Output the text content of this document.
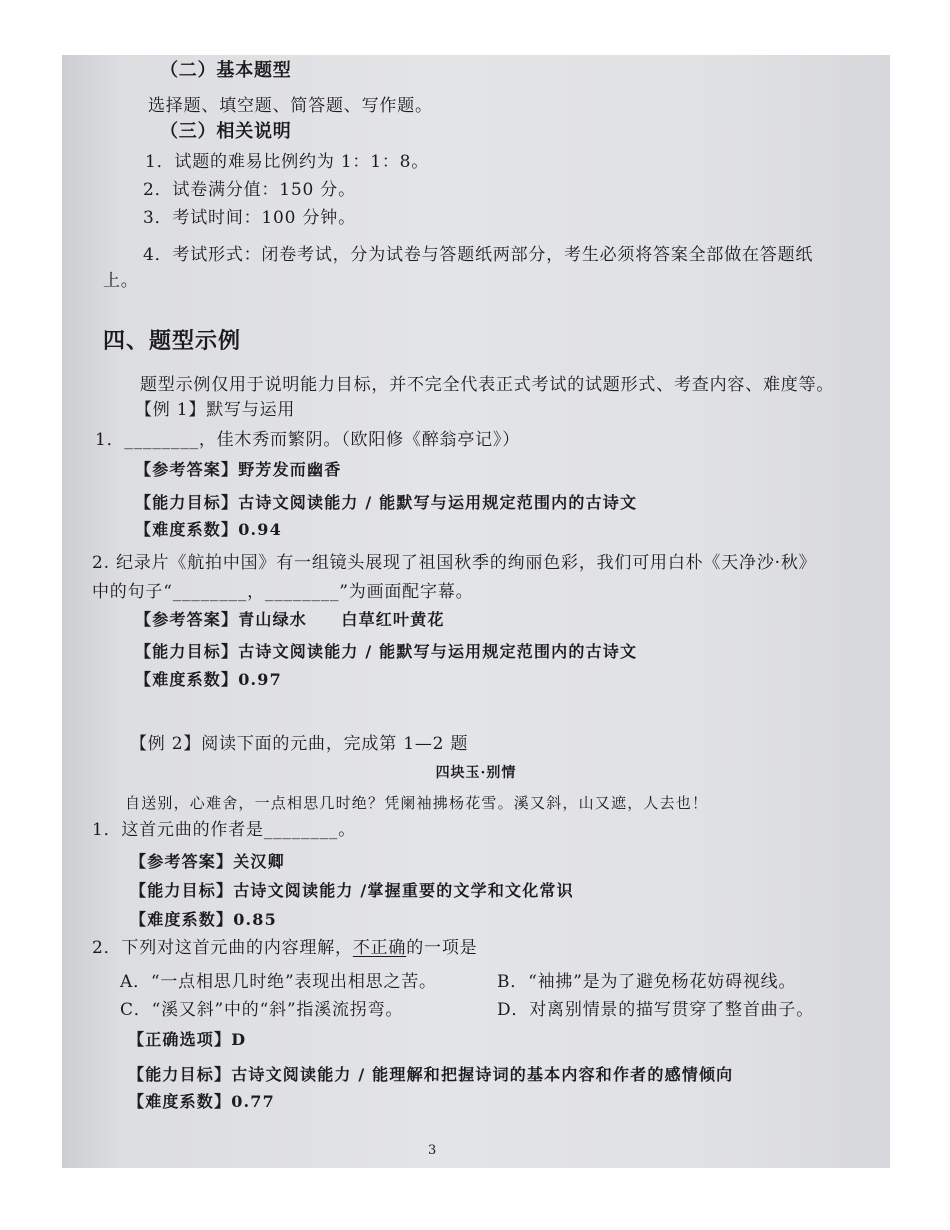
（二）基本题型
选择题、填空题、简答题、写作题。
（三）相关说明
1．试题的难易比例约为 1：1：8。
2．试卷满分值：150 分。
3．考试时间：100 分钟。
4．考试形式：闭卷考试，分为试卷与答题纸两部分，考生必须将答案全部做在答题纸
上。
四、题型示例
题型示例仅用于说明能力目标，并不完全代表正式考试的试题形式、考查内容、难度等。
【例 1】默写与运用
1．________，佳木秀而繁阴。（欧阳修《醉翁亭记》）
【参考答案】野芳发而幽香
【能力目标】古诗文阅读能力 / 能默写与运用规定范围内的古诗文
【难度系数】0.94
2. 纪录片《航拍中国》有一组镜头展现了祖国秋季的绚丽色彩，我们可用白朴《天净沙·秋》
中的句子“________，________”为画面配字幕。
【参考答案】青山绿水　　白草红叶黄花
【能力目标】古诗文阅读能力 / 能默写与运用规定范围内的古诗文
【难度系数】0.97
【例 2】阅读下面的元曲，完成第 1—2 题
四块玉·别情
自送别，心难舍，一点相思几时绝？凭阑袖拂杨花雪。溪又斜，山又遮，人去也！
1．这首元曲的作者是________。
【参考答案】关汉卿
【能力目标】古诗文阅读能力 /掌握重要的文学和文化常识
【难度系数】0.85
2．下列对这首元曲的内容理解，不正确的一项是
A．“一点相思几时绝”表现出相思之苦。	B．“袖拂”是为了避免杨花妨碍视线。
C．“溪又斜”中的“斜”指溪流拐弯。	D．对离别情景的描写贯穿了整首曲子。
【正确选项】D
【能力目标】古诗文阅读能力 / 能理解和把握诗词的基本内容和作者的感情倾向
【难度系数】0.77
3
